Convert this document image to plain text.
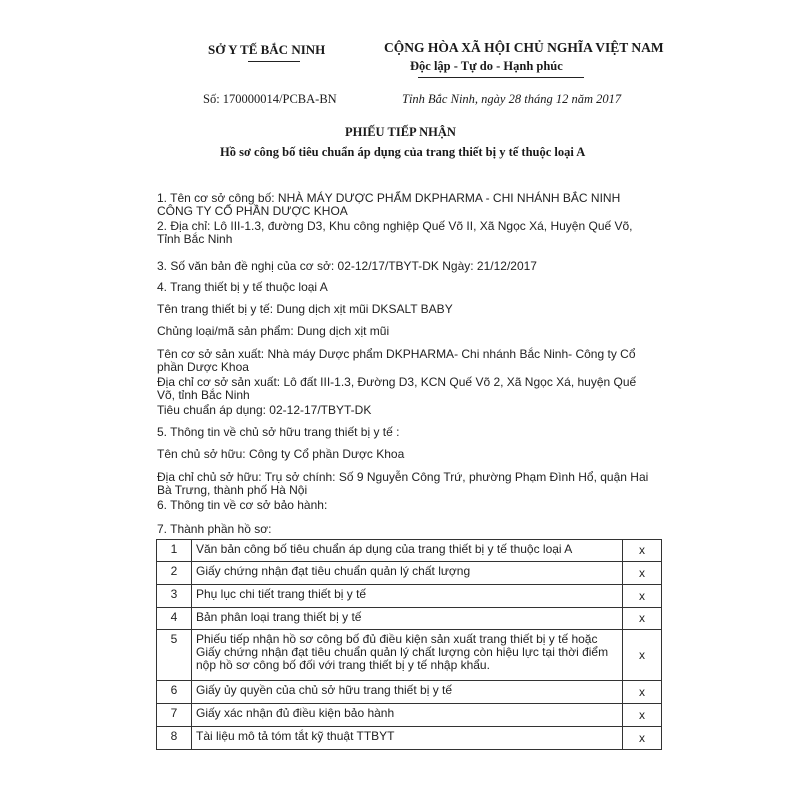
SỞ Y TẾ BẮC NINH	CỘNG HÒA XÃ HỘI CHỦ NGHĨA VIỆT NAM
Độc lập - Tự do - Hạnh phúc
Số: 170000014/PCBA-BN	Tỉnh Bắc Ninh, ngày 28 tháng 12 năm 2017
PHIẾU TIẾP NHẬN
Hồ sơ công bố tiêu chuẩn áp dụng của trang thiết bị y tế thuộc loại A
1. Tên cơ sở công bố: NHÀ MÁY DƯỢC PHẨM DKPHARMA - CHI NHÁNH BẮC NINH CÔNG TY CỔ PHẦN DƯỢC KHOA
2. Địa chỉ: Lô III-1.3, đường D3, Khu công nghiệp Quế Võ II, Xã Ngọc Xá, Huyện Quế Võ, Tỉnh Bắc Ninh
3. Số văn bản đề nghị của cơ sở: 02-12/17/TBYT-DK Ngày: 21/12/2017
4. Trang thiết bị y tế thuộc loại A
Tên trang thiết bị y tế: Dung dịch xịt mũi DKSALT BABY
Chủng loại/mã sản phẩm: Dung dịch xịt mũi
Tên cơ sở sản xuất: Nhà máy Dược phẩm DKPHARMA- Chi nhánh Bắc Ninh- Công ty Cổ phần Dược Khoa
Địa chỉ cơ sở sản xuất: Lô đất III-1.3, Đường D3, KCN Quế Võ 2, Xã Ngọc Xá, huyện Quế Võ, tỉnh Bắc Ninh
Tiêu chuẩn áp dụng: 02-12-17/TBYT-DK
5. Thông tin về chủ sở hữu trang thiết bị y tế :
Tên chủ sở hữu: Công ty Cổ phần Dược Khoa
Địa chỉ chủ sở hữu: Trụ sở chính: Số 9 Nguyễn Công Trứ, phường Phạm Đình Hổ, quận Hai Bà Trưng, thành phố Hà Nội
6. Thông tin về cơ sở bảo hành:
7. Thành phần hồ sơ:
1	Văn bản công bố tiêu chuẩn áp dụng của trang thiết bị y tế thuộc loại A	x
2	Giấy chứng nhận đạt tiêu chuẩn quản lý chất lượng	x
3	Phụ lục chi tiết trang thiết bị y tế	x
4	Bản phân loại trang thiết bị y tế	x
5	Phiếu tiếp nhận hồ sơ công bố đủ điều kiện sản xuất trang thiết bị y tế hoặc Giấy chứng nhận đạt tiêu chuẩn quản lý chất lượng còn hiệu lực tại thời điểm nộp hồ sơ công bố đối với trang thiết bị y tế nhập khẩu.	x
6	Giấy ủy quyền của chủ sở hữu trang thiết bị y tế	x
7	Giấy xác nhận đủ điều kiện bảo hành	x
8	Tài liệu mô tả tóm tắt kỹ thuật TTBYT	x
